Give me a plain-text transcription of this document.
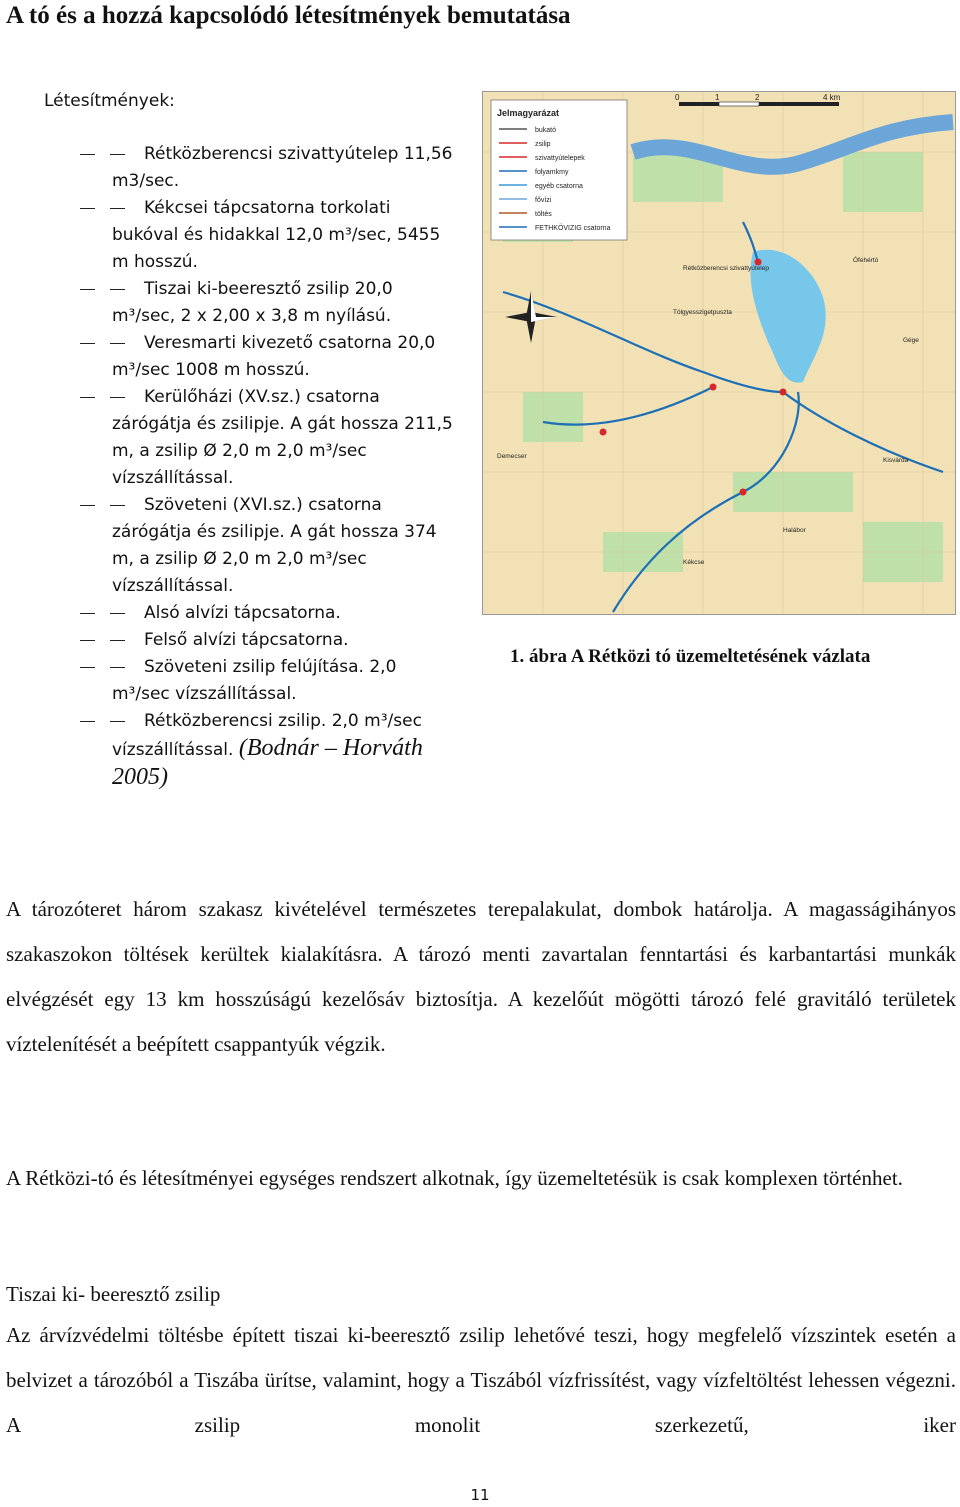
A tó és a hozzá kapcsolódó létesítmények bemutatása
Létesítmények:
Rétközberencsi szivattyútelep 11,56
m3/sec.
Kékcsei tápcsatorna torkolati
bukóval és hidakkal 12,0 m³/sec, 5455 m hosszú.
Tiszai ki-beeresztő zsilip 20,0
m³/sec, 2 x 2,00 x 3,8 m nyílású.
Veresmarti kivezető csatorna 20,0
m³/sec 1008 m hosszú.
Kerülőházi (XV.sz.) csatorna
zárógátja és zsilipje. A gát hossza 211,5 m, a zsilip Ø 2,0 m 2,0 m³/sec vízszállítással.
Szöveteni (XVI.sz.) csatorna
zárógátja és zsilipje. A gát hossza 374 m, a zsilip Ø 2,0 m 2,0 m³/sec vízszállítással.
Alsó alvízi tápcsatorna.
Felső alvízi tápcsatorna.
Szöveteni zsilip felújítása. 2,0
m³/sec vízszállítással.
Rétközberencsi zsilip. 2,0 m³/sec
vízszállítással. (Bodnár – Horváth 2005)
Jelmagyarázat
bukató
zsilip
szivattyútelepek
folyamkmy
egyéb csatorna
fővízi
töltés
FETHKÖVIZIG csatorna
0	1	2	4 km
Rétközberencsi szivattyútelep
Tölgyesszigetpuszta
Ófehértó
Gége
Demecser
Kékcse
Halábor
Kisvárda
1. ábra A Rétközi tó üzemeltetésének vázlata
A tározóteret három szakasz kivételével természetes terepalakulat, dombok határolja. A magasságihányos szakaszokon töltések kerültek kialakításra. A tározó menti zavartalan fenntartási és karbantartási munkák elvégzését egy 13 km hosszúságú kezelősáv biztosítja. A kezelőút mögötti tározó felé gravitáló területek víztelenítését a beépített csappantyúk végzik.
A Rétközi-tó és létesítményei egységes rendszert alkotnak, így üzemeltetésük is csak komplexen történhet.
Tiszai ki- beeresztő zsilip
Az árvízvédelmi töltésbe épített tiszai ki-beeresztő zsilip lehetővé teszi, hogy megfelelő vízszintek esetén a belvizet a tározóból a Tiszába ürítse, valamint, hogy a Tiszából vízfrissítést, vagy vízfeltöltést lehessen végezni. A zsilip monolit szerkezetű, iker
11
